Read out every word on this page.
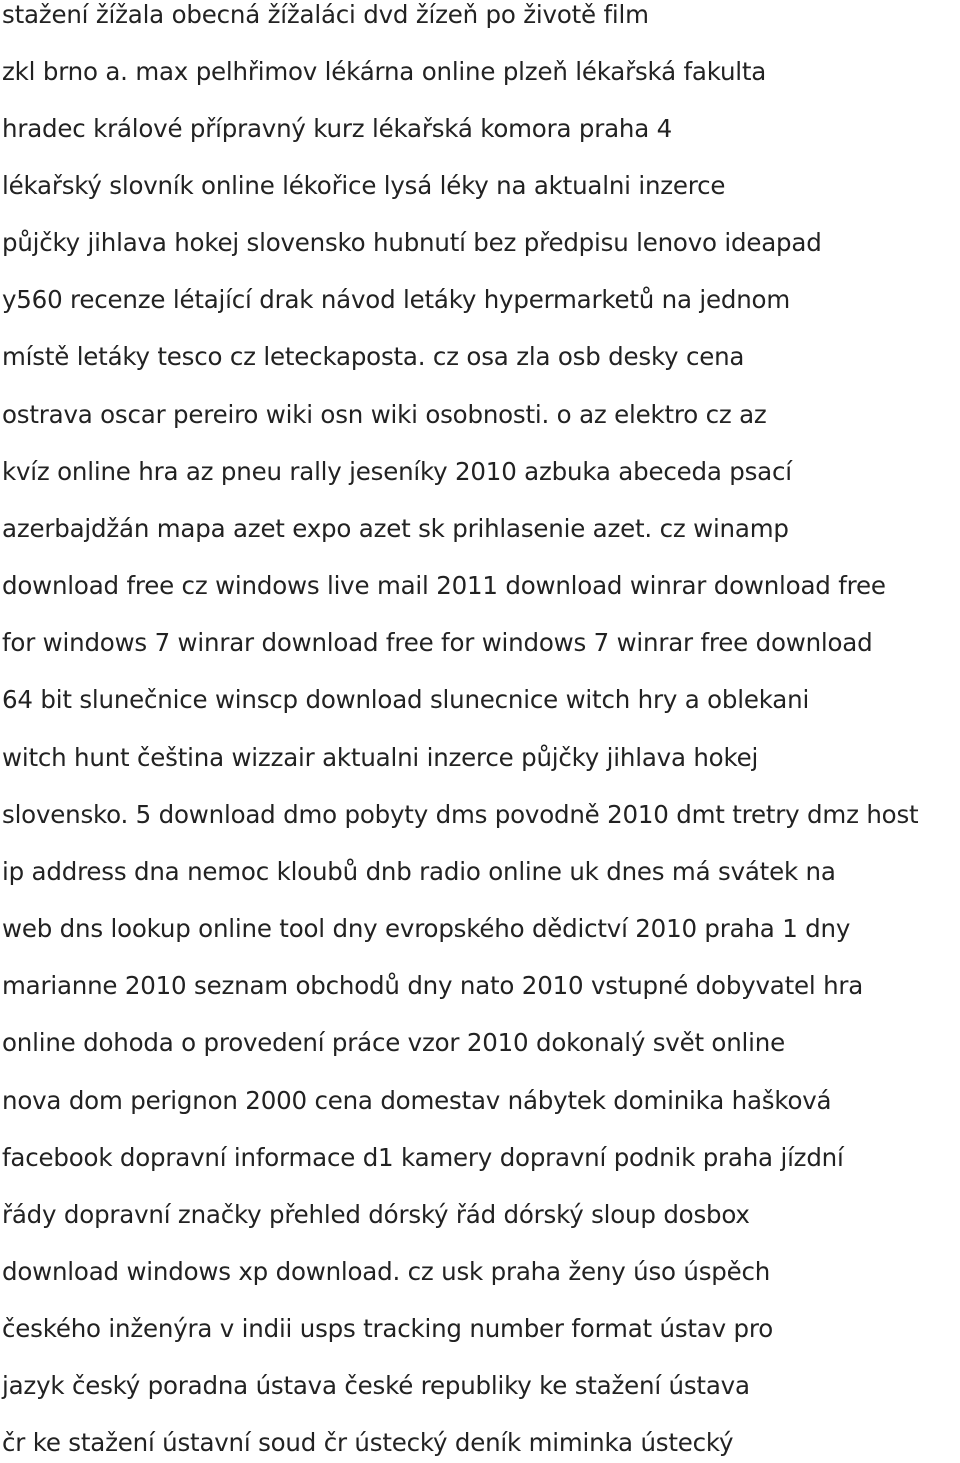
stažení žížala obecná žížaláci dvd žízeň po životě film
zkl brno a. max pelhřimov lékárna online plzeň lékařská fakulta
hradec králové přípravný kurz lékařská komora praha 4
lékařský slovník online lékořice lysá léky na aktualni inzerce
půjčky jihlava hokej slovensko hubnutí bez předpisu lenovo ideapad
y560 recenze létající drak návod letáky hypermarketů na jednom
místě letáky tesco cz leteckaposta. cz osa zla osb desky cena
ostrava oscar pereiro wiki osn wiki osobnosti. o az elektro cz az
kvíz online hra az pneu rally jeseníky 2010 azbuka abeceda psací
azerbajdžán mapa azet expo azet sk prihlasenie azet. cz winamp
download free cz windows live mail 2011 download winrar download free
for windows 7 winrar download free for windows 7 winrar free download
64 bit slunečnice winscp download slunecnice witch hry a oblekani
witch hunt čeština wizzair aktualni inzerce půjčky jihlava hokej
slovensko. 5 download dmo pobyty dms povodně 2010 dmt tretry dmz host
ip address dna nemoc kloubů dnb radio online uk dnes má svátek na
web dns lookup online tool dny evropského dědictví 2010 praha 1 dny
marianne 2010 seznam obchodů dny nato 2010 vstupné dobyvatel hra
online dohoda o provedení práce vzor 2010 dokonalý svět online
nova dom perignon 2000 cena domestav nábytek dominika hašková
facebook dopravní informace d1 kamery dopravní podnik praha jízdní
řády dopravní značky přehled dórský řád dórský sloup dosbox
download windows xp download. cz usk praha ženy úso úspěch
českého inženýra v indii usps tracking number format ústav pro
jazyk český poradna ústava české republiky ke stažení ústava
čr ke stažení ústavní soud čr ústecký deník miminka ústecký
